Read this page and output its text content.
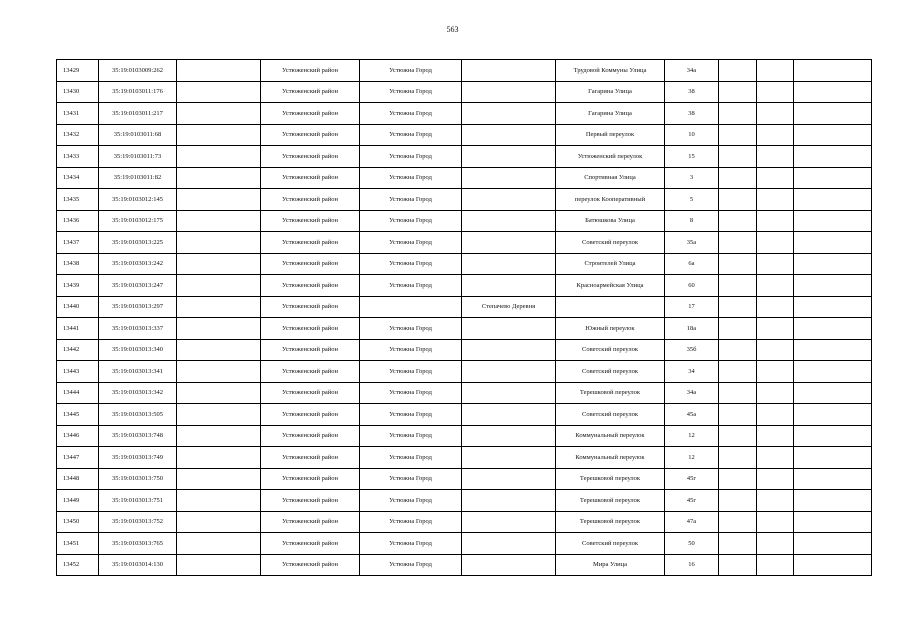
563
13429	35:19:0103009:262		Устюженский район	Устюжна Город		Трудовой Коммуны Улица	34а			
13430	35:19:0103011:176		Устюженский район	Устюжна Город		Гагарина Улица	38			
13431	35:19:0103011:217		Устюженский район	Устюжна Город		Гагарина Улица	38			
13432	35:19:0103011:68		Устюженский район	Устюжна Город		Первый переулок	10			
13433	35:19:0103011:73		Устюженский район	Устюжна Город		Устюженский переулок	15			
13434	35:19:0103011:82		Устюженский район	Устюжна Город		Спортивная Улица	3			
13435	35:19:0103012:145		Устюженский район	Устюжна Город		переулок Кооперативный	5			
13436	35:19:0103012:175		Устюженский район	Устюжна Город		Батюшкова Улица	8			
13437	35:19:0103013:225		Устюженский район	Устюжна Город		Советский переулок	35а			
13438	35:19:0103013:242		Устюженский район	Устюжна Город		Строителей Улица	6а			
13439	35:19:0103013:247		Устюженский район	Устюжна Город		Красноармейская Улица	60			
13440	35:19:0103013:297		Устюженский район		Степачево Деревня		17			
13441	35:19:0103013:337		Устюженский район	Устюжна Город		Южный переулок	18а			
13442	35:19:0103013:340		Устюженский район	Устюжна Город		Советский переулок	35б			
13443	35:19:0103013:341		Устюженский район	Устюжна Город		Советский переулок	34			
13444	35:19:0103013:342		Устюженский район	Устюжна Город		Терешковой переулок	34а			
13445	35:19:0103013:505		Устюженский район	Устюжна Город		Советский переулок	45а			
13446	35:19:0103013:748		Устюженский район	Устюжна Город		Коммунальный переулок	12			
13447	35:19:0103013:749		Устюженский район	Устюжна Город		Коммунальный переулок	12			
13448	35:19:0103013:750		Устюженский район	Устюжна Город		Терешковой переулок	45г			
13449	35:19:0103013:751		Устюженский район	Устюжна Город		Терешковой переулок	45г			
13450	35:19:0103013:752		Устюженский район	Устюжна Город		Терешковой переулок	47а			
13451	35:19:0103013:765		Устюженский район	Устюжна Город		Советский переулок	50			
13452	35:19:0103014:130		Устюженский район	Устюжна Город		Мира Улица	16			
